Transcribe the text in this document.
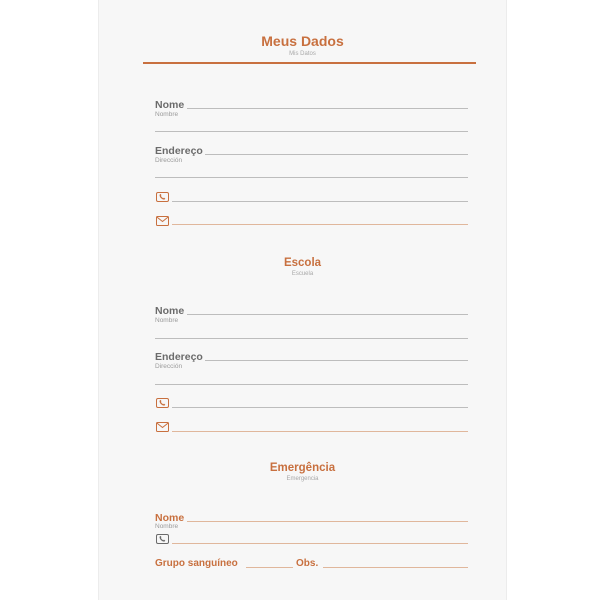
Meus Dados
Mis Datos
Nome
Nombre
Endereço
Dirección
Escola
Escuela
Nome
Nombre
Endereço
Dirección
Emergência
Emergencia
Nome
Nombre
Grupo sanguíneo	Obs.
